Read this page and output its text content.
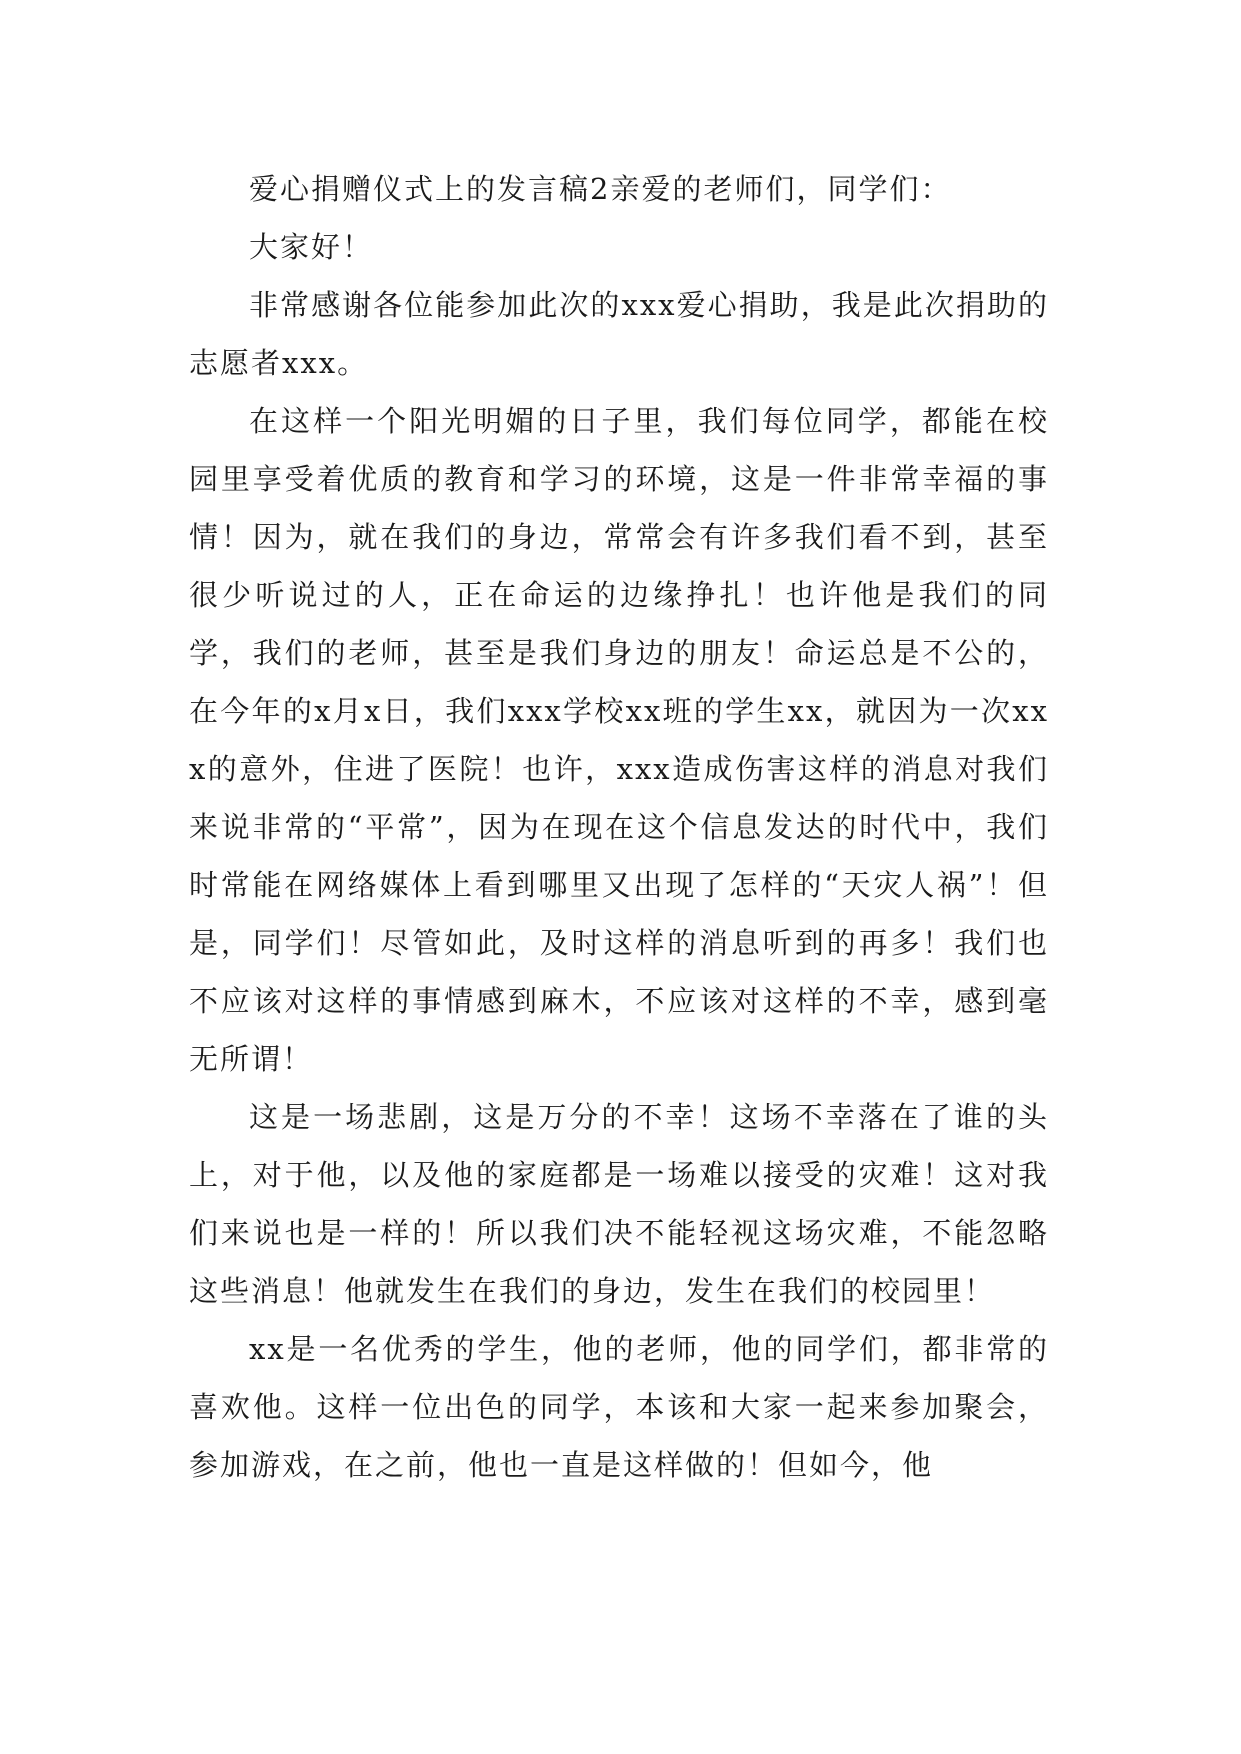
爱心捐赠仪式上的发言稿2亲爱的老师们，同学们：

大家好！

非常感谢各位能参加此次的xxx爱心捐助，我是此次捐助的志愿者xxx。

在这样一个阳光明媚的日子里，我们每位同学，都能在校园里享受着优质的教育和学习的环境，这是一件非常幸福的事情！因为，就在我们的身边，常常会有许多我们看不到，甚至很少听说过的人，正在命运的边缘挣扎！也许他是我们的同学，我们的老师，甚至是我们身边的朋友！命运总是不公的，在今年的x月x日，我们xxx学校xx班的学生xx，就因为一次xxx的意外，住进了医院！也许，xxx造成伤害这样的消息对我们来说非常的“平常”，因为在现在这个信息发达的时代中，我们时常能在网络媒体上看到哪里又出现了怎样的“天灾人祸”！但是，同学们！尽管如此，及时这样的消息听到的再多！我们也不应该对这样的事情感到麻木，不应该对这样的不幸，感到毫无所谓！

这是一场悲剧，这是万分的不幸！这场不幸落在了谁的头上，对于他，以及他的家庭都是一场难以接受的灾难！这对我们来说也是一样的！所以我们决不能轻视这场灾难，不能忽略这些消息！他就发生在我们的身边，发生在我们的校园里！

xx是一名优秀的学生，他的老师，他的同学们，都非常的喜欢他。这样一位出色的同学，本该和大家一起来参加聚会，参加游戏，在之前，他也一直是这样做的！但如今，他
